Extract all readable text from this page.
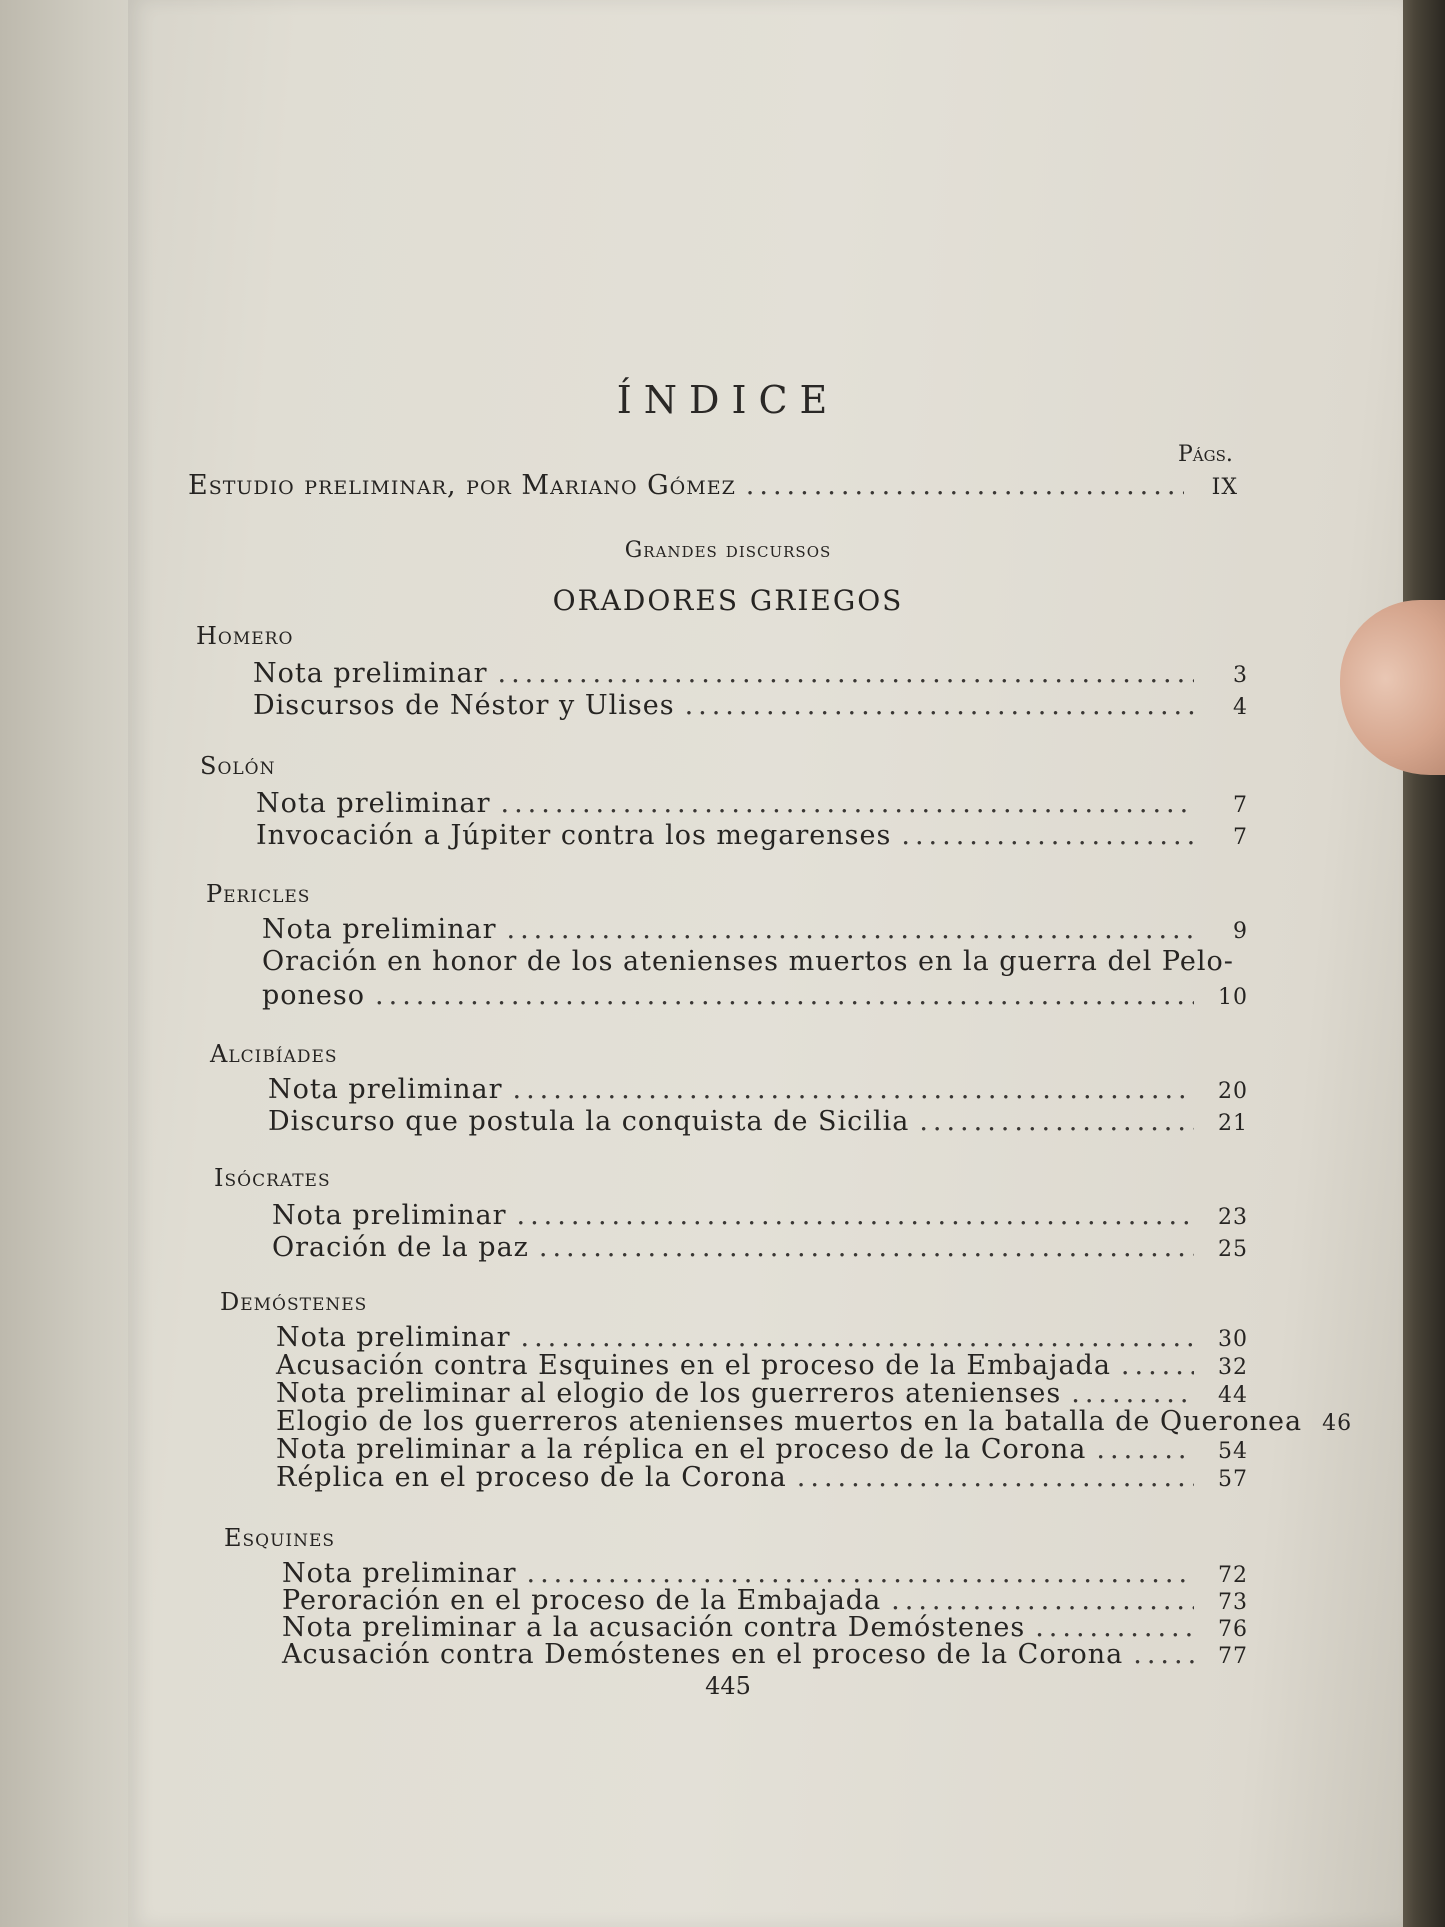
ÍNDICE
Págs.
Estudio preliminar, por Mariano Gómez .....	IX
Grandes discursos
ORADORES GRIEGOS
Homero
Nota preliminar .....	3
Discursos de Néstor y Ulises .....	4
Solón
Nota preliminar .....	7
Invocación a Júpiter contra los megarenses .....	7
Pericles
Nota preliminar .....	9
Oración en honor de los atenienses muertos en la guerra del Pelo-
poneso .....	10
Alcibíades
Nota preliminar .....	20
Discurso que postula la conquista de Sicilia .....	21
Isócrates
Nota preliminar .....	23
Oración de la paz .....	25
Demóstenes
Nota preliminar .....	30
Acusación contra Esquines en el proceso de la Embajada .....	32
Nota preliminar al elogio de los guerreros atenienses .....	44
Elogio de los guerreros atenienses muertos en la batalla de Queronea 46
Nota preliminar a la réplica en el proceso de la Corona .....	54
Réplica en el proceso de la Corona .....	57
Esquines
Nota preliminar .....	72
Peroración en el proceso de la Embajada .....	73
Nota preliminar a la acusación contra Demóstenes .....	76
Acusación contra Demóstenes en el proceso de la Corona .....	77
445
